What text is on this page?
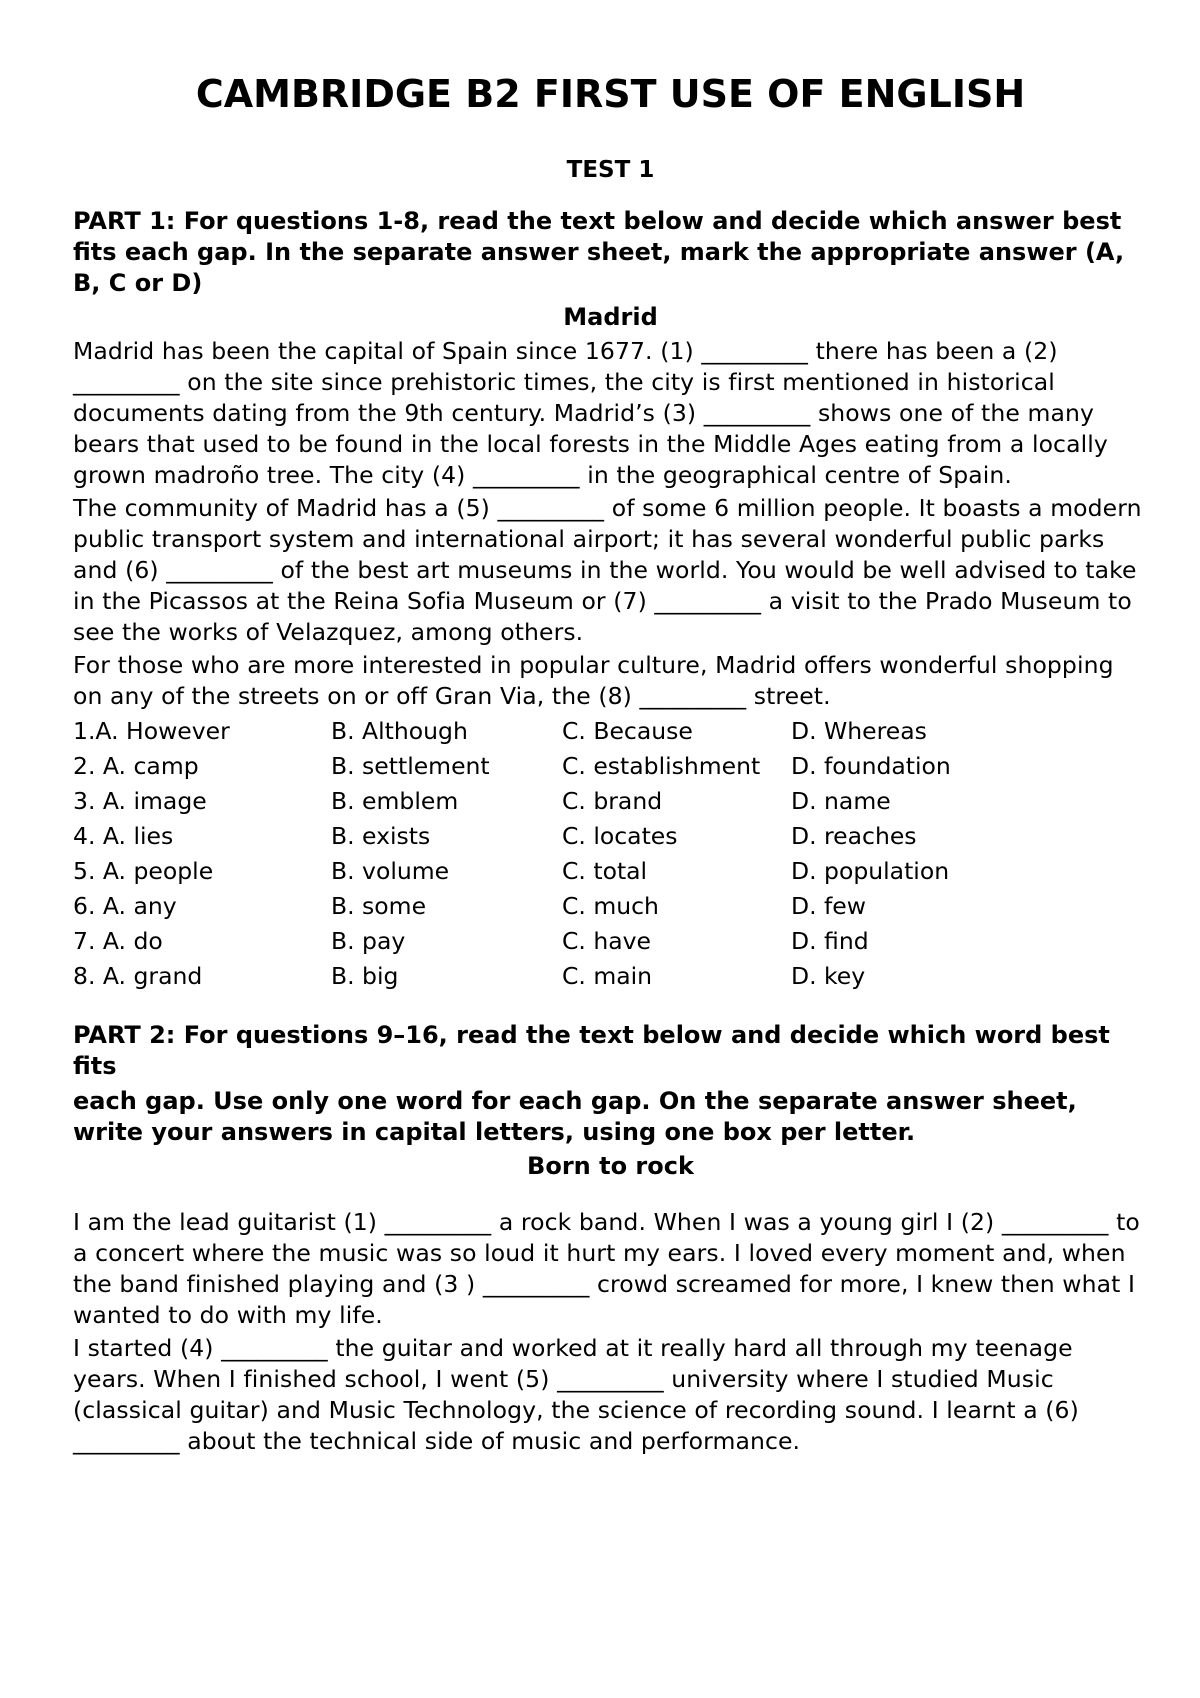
CAMBRIDGE B2 FIRST USE OF ENGLISH
TEST 1

PART 1: For questions 1-8, read the text below and decide which answer best fits each gap. In the separate answer sheet, mark the appropriate answer (A, B, C or D)

Madrid

Madrid has been the capital of Spain since 1677. (1) _________ there has been a (2) _________ on the site since prehistoric times, the city is first mentioned in historical documents dating from the 9th century. Madrid’s (3) _________ shows one of the many bears that used to be found in the local forests in the Middle Ages eating from a locally grown madroño tree. The city (4) _________ in the geographical centre of Spain.

The community of Madrid has a (5) _________ of some 6 million people. It boasts a modern public transport system and international airport; it has several wonderful public parks and (6) _________ of the best art museums in the world. You would be well advised to take in the Picassos at the Reina Sofia Museum or (7) _________ a visit to the Prado Museum to see the works of Velazquez, among others.

For those who are more interested in popular culture, Madrid offers wonderful shopping on any of the streets on or off Gran Via, the (8) _________ street.

1.A. However	B. Although	C. Because	D. Whereas
2. A. camp	B. settlement	C. establishment	D. foundation
3. A. image	B. emblem	C. brand	D. name
4. A. lies	B. exists	C. locates	D. reaches
5. A. people	B. volume	C. total	D. population
6. A. any	B. some	C. much	D. few
7. A. do	B. pay	C. have	D. find
8. A. grand	B. big	C. main	D. key

PART 2: For questions 9–16, read the text below and decide which word best fits

each gap. Use only one word for each gap. On the separate answer sheet, write your answers in capital letters, using one box per letter.

Born to rock

I am the lead guitarist (1) _________ a rock band. When I was a young girl I (2) _________ to a concert where the music was so loud it hurt my ears. I loved every moment and, when the band finished playing and (3 ) _________ crowd screamed for more, I knew then what I wanted to do with my life.

I started (4) _________ the guitar and worked at it really hard all through my teenage years. When I finished school, I went (5) _________ university where I studied Music (classical guitar) and Music Technology, the science of recording sound. I learnt a (6) _________ about the technical side of music and performance.
